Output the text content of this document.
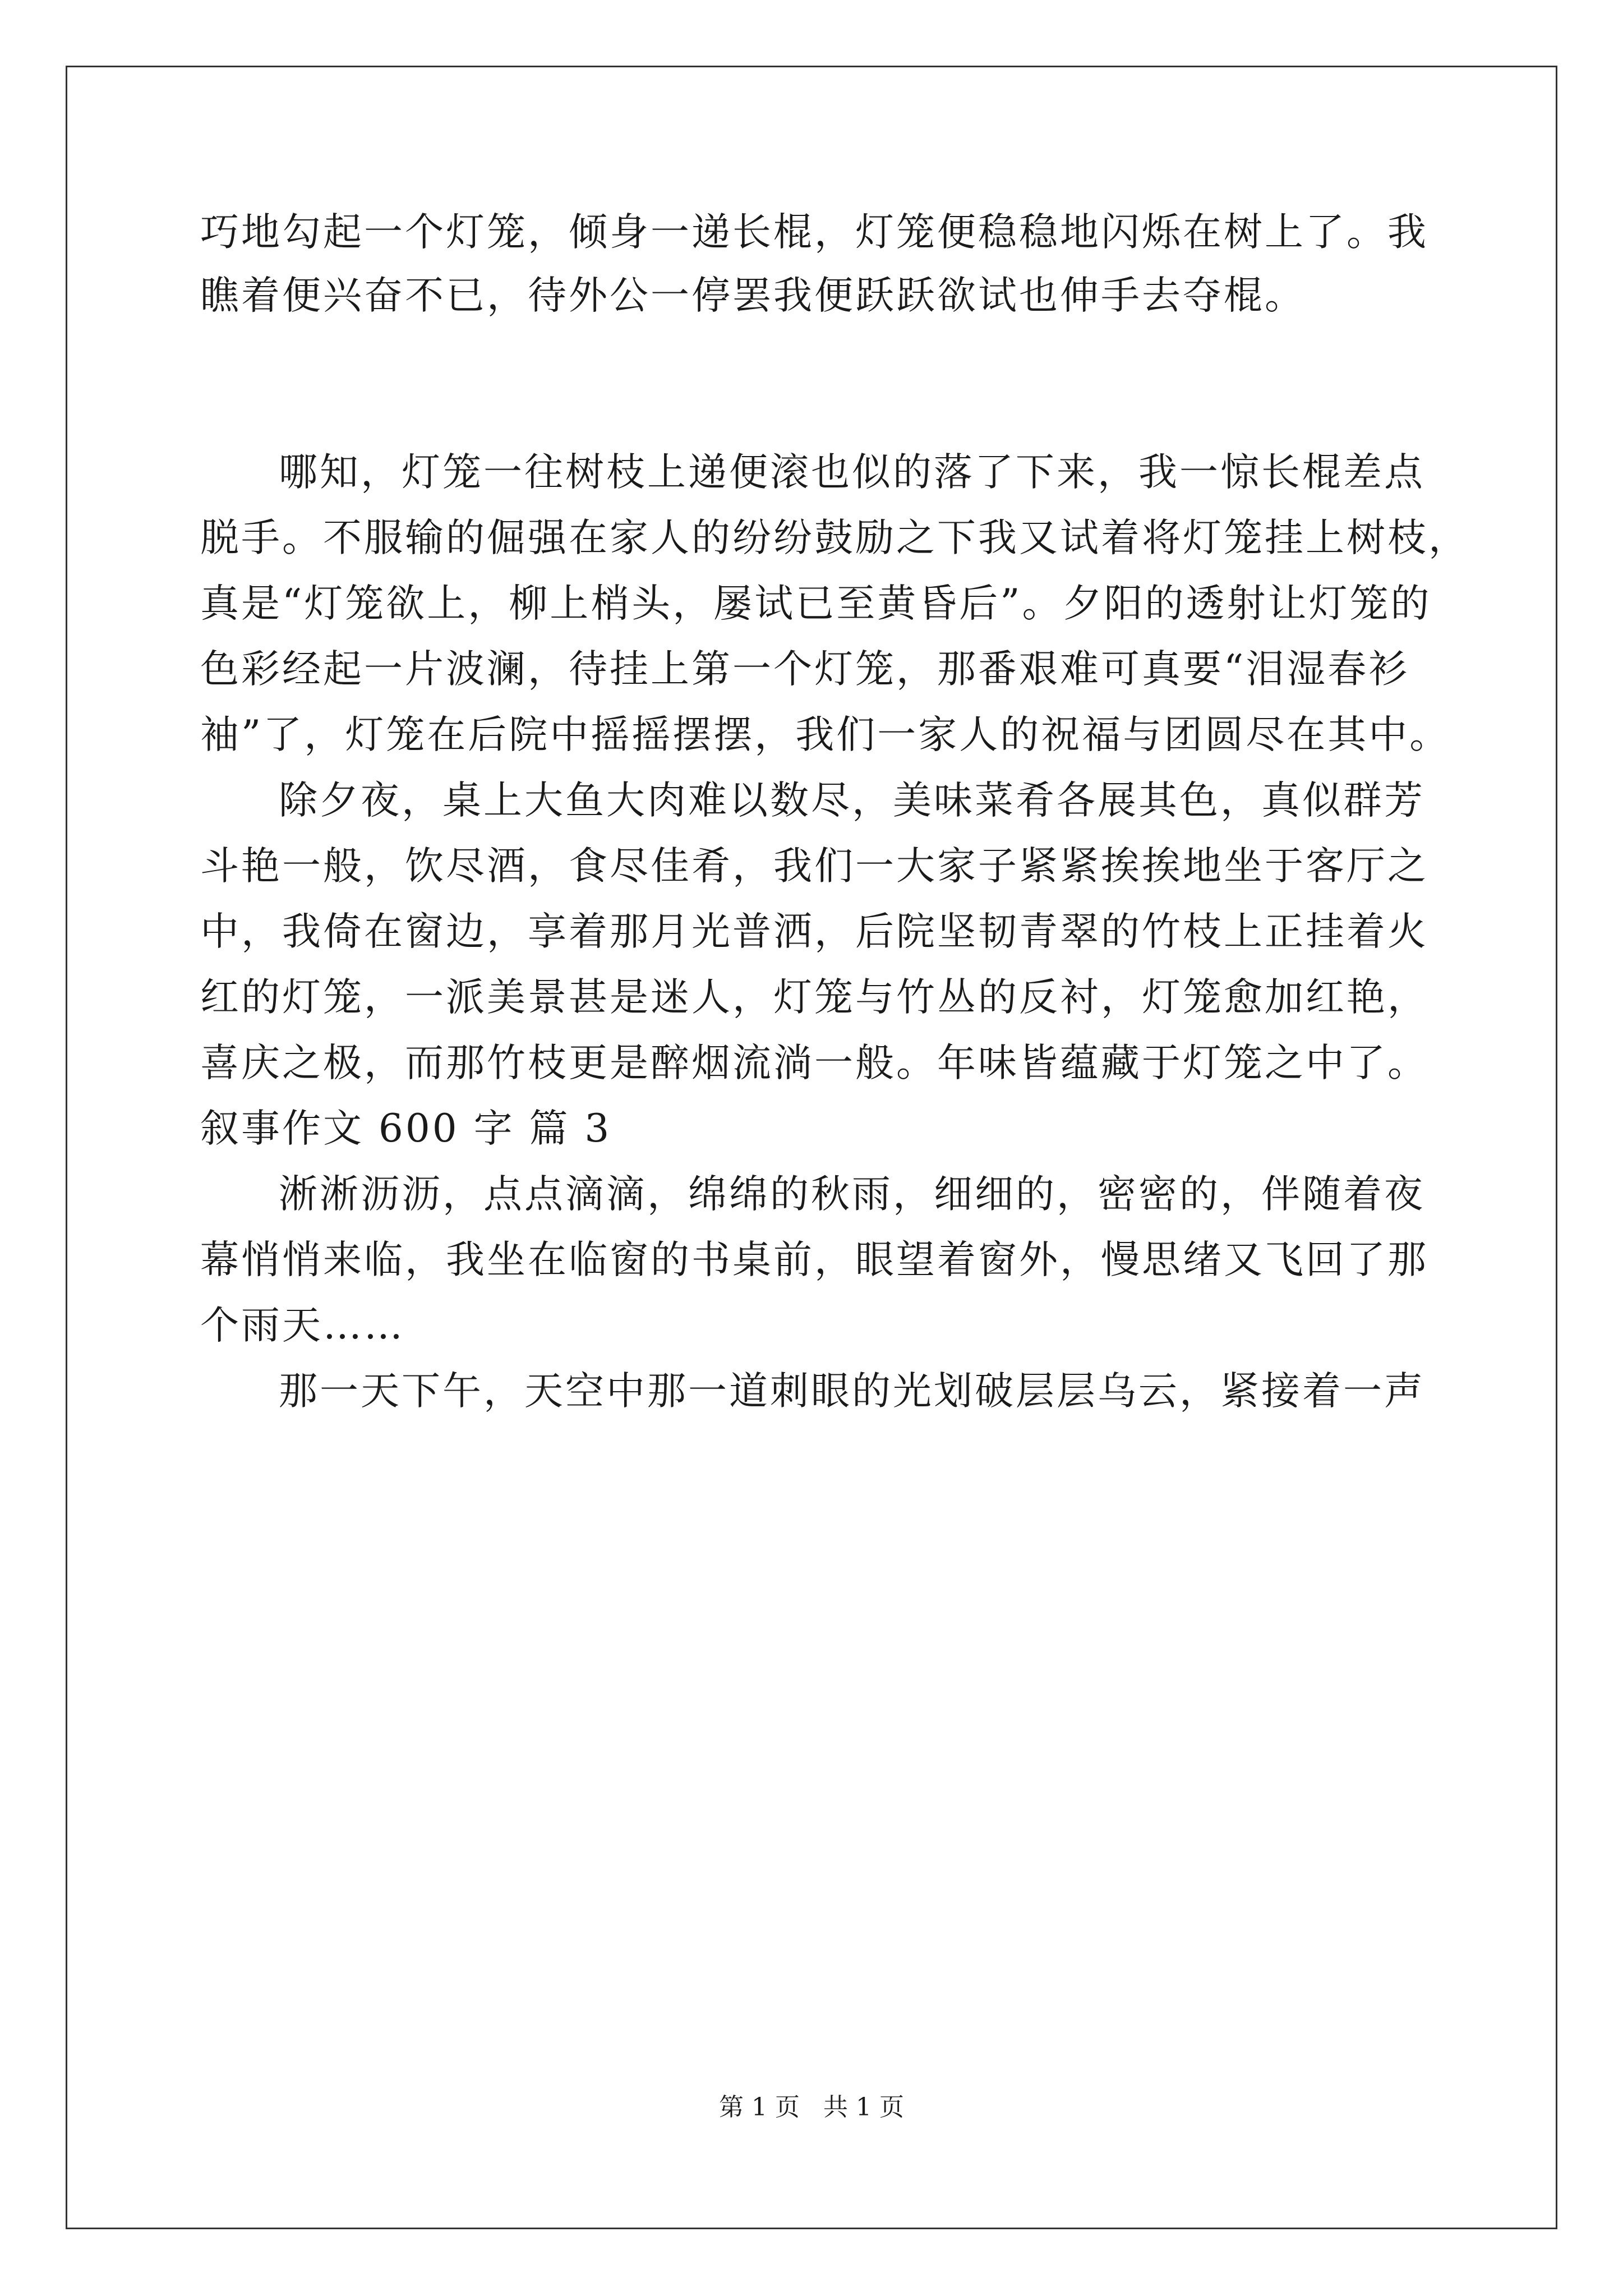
巧地勾起一个灯笼，倾身一递长棍，灯笼便稳稳地闪烁在树上了。我
瞧着便兴奋不已，待外公一停罢我便跃跃欲试也伸手去夺棍。
哪知，灯笼一往树枝上递便滚也似的落了下来，我一惊长棍差点
脱手。不服输的倔强在家人的纷纷鼓励之下我又试着将灯笼挂上树枝，
真是“灯笼欲上，柳上梢头，屡试已至黄昏后”。夕阳的透射让灯笼的
色彩经起一片波澜，待挂上第一个灯笼，那番艰难可真要“泪湿春衫
袖”了，灯笼在后院中摇摇摆摆，我们一家人的祝福与团圆尽在其中。
除夕夜，桌上大鱼大肉难以数尽，美味菜肴各展其色，真似群芳
斗艳一般，饮尽酒，食尽佳肴，我们一大家子紧紧挨挨地坐于客厅之
中，我倚在窗边，享着那月光普洒，后院坚韧青翠的竹枝上正挂着火
红的灯笼，一派美景甚是迷人，灯笼与竹丛的反衬，灯笼愈加红艳，
喜庆之极，而那竹枝更是醉烟流淌一般。年味皆蕴藏于灯笼之中了。
叙事作文 600 字 篇 3
淅淅沥沥，点点滴滴，绵绵的秋雨，细细的，密密的，伴随着夜
幕悄悄来临，我坐在临窗的书桌前，眼望着窗外，慢思绪又飞回了那
个雨天……
那一天下午，天空中那一道刺眼的光划破层层乌云，紧接着一声
第 1 页 共 1 页
